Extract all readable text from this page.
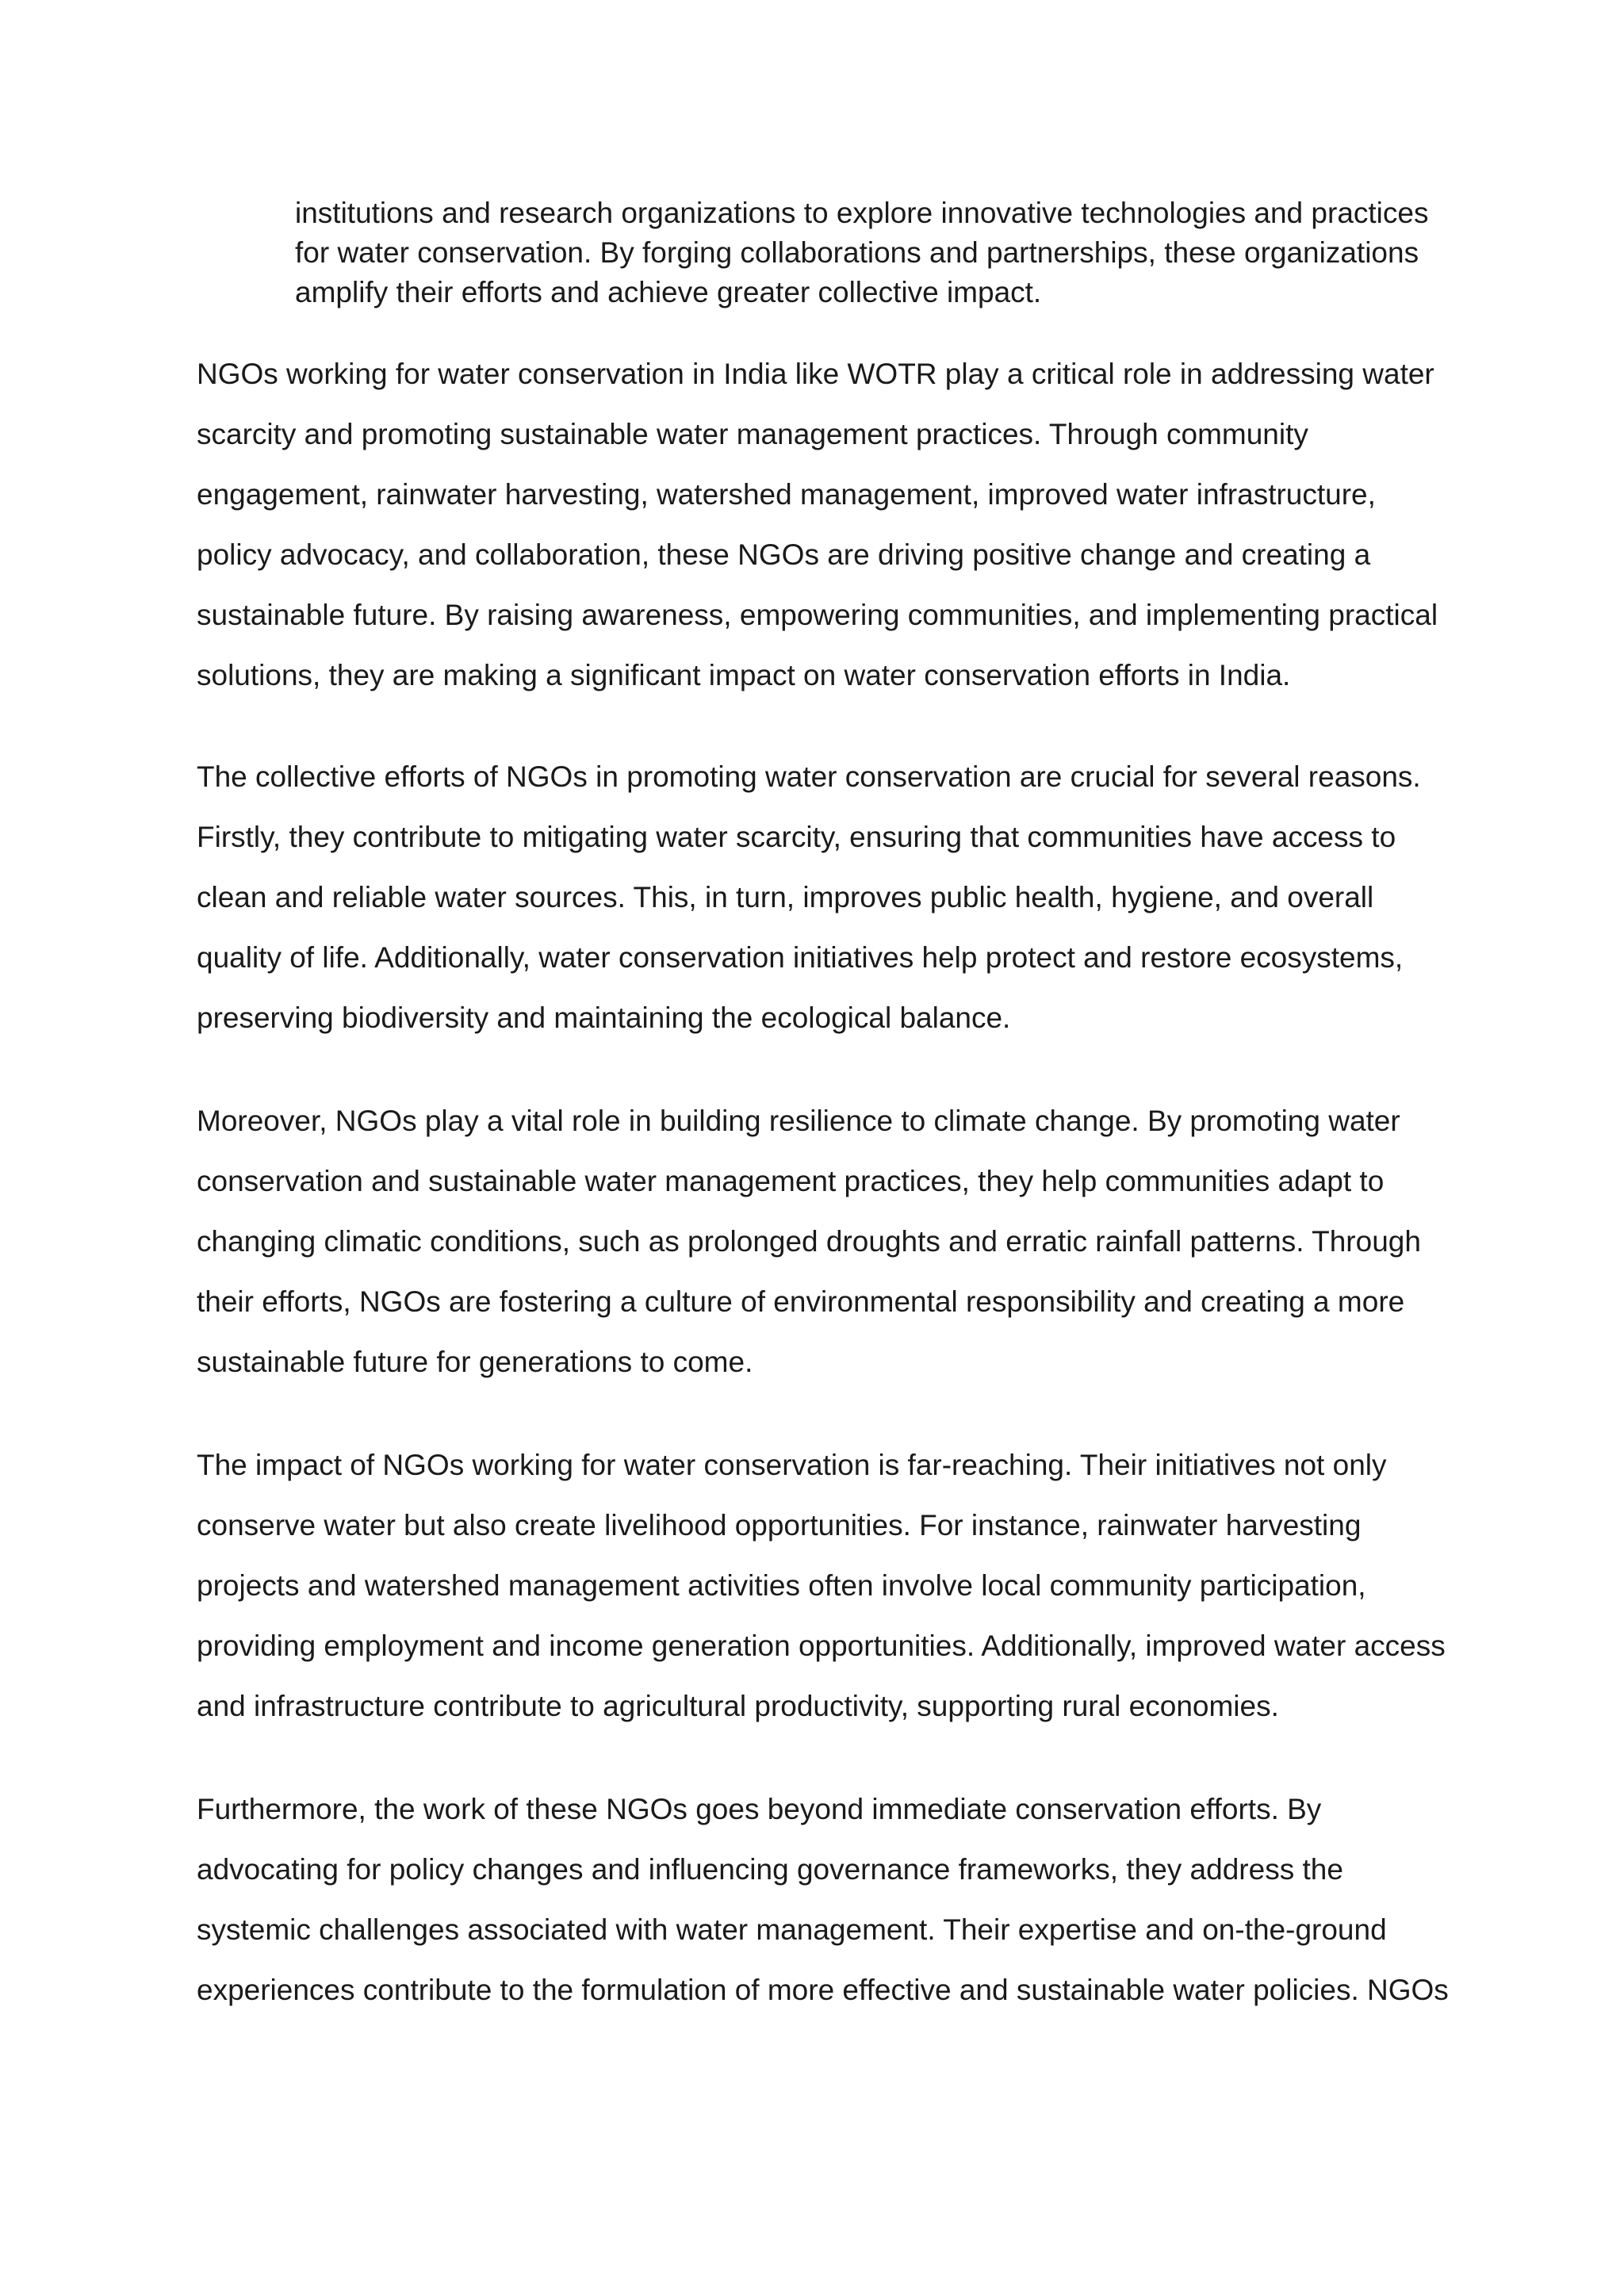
institutions and research organizations to explore innovative technologies and practices for water conservation. By forging collaborations and partnerships, these organizations amplify their efforts and achieve greater collective impact.

NGOs working for water conservation in India like WOTR play a critical role in addressing water scarcity and promoting sustainable water management practices. Through community engagement, rainwater harvesting, watershed management, improved water infrastructure, policy advocacy, and collaboration, these NGOs are driving positive change and creating a sustainable future. By raising awareness, empowering communities, and implementing practical solutions, they are making a significant impact on water conservation efforts in India.

The collective efforts of NGOs in promoting water conservation are crucial for several reasons. Firstly, they contribute to mitigating water scarcity, ensuring that communities have access to clean and reliable water sources. This, in turn, improves public health, hygiene, and overall quality of life. Additionally, water conservation initiatives help protect and restore ecosystems, preserving biodiversity and maintaining the ecological balance.

Moreover, NGOs play a vital role in building resilience to climate change. By promoting water conservation and sustainable water management practices, they help communities adapt to changing climatic conditions, such as prolonged droughts and erratic rainfall patterns. Through their efforts, NGOs are fostering a culture of environmental responsibility and creating a more sustainable future for generations to come.

The impact of NGOs working for water conservation is far-reaching. Their initiatives not only conserve water but also create livelihood opportunities. For instance, rainwater harvesting projects and watershed management activities often involve local community participation, providing employment and income generation opportunities. Additionally, improved water access and infrastructure contribute to agricultural productivity, supporting rural economies.

Furthermore, the work of these NGOs goes beyond immediate conservation efforts. By advocating for policy changes and influencing governance frameworks, they address the systemic challenges associated with water management. Their expertise and on-the-ground experiences contribute to the formulation of more effective and sustainable water policies. NGOs
